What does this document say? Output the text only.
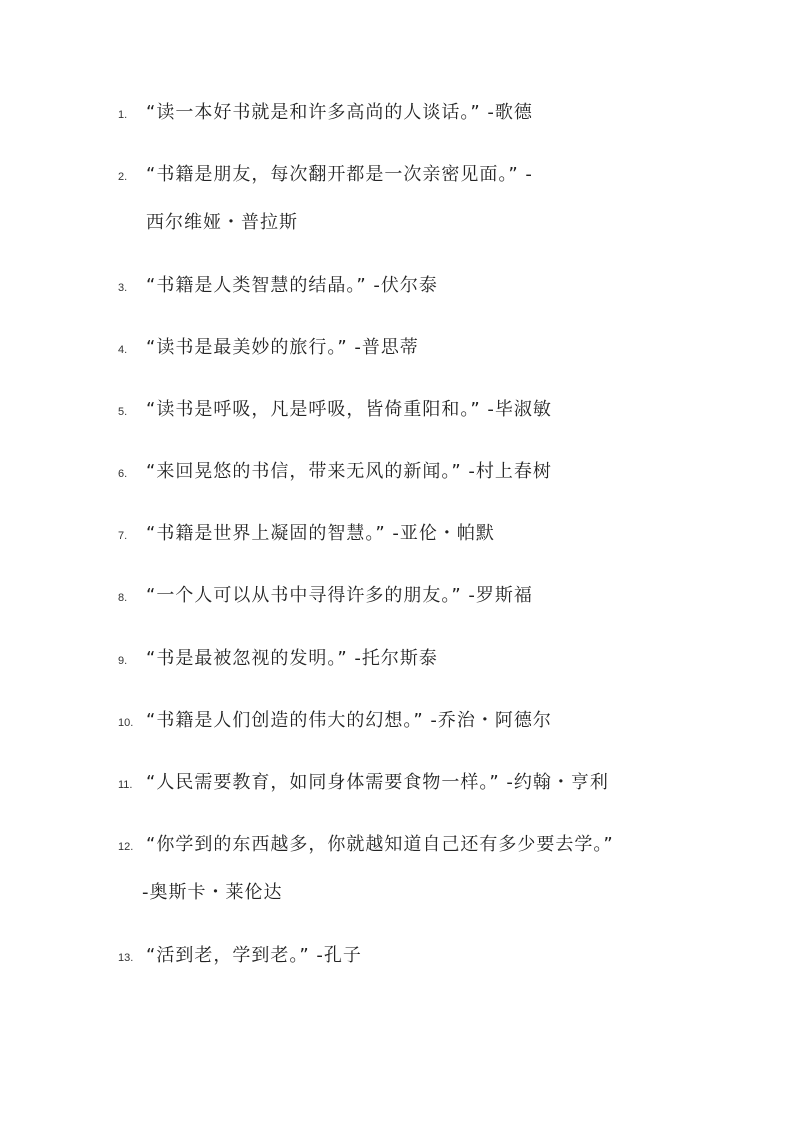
1.	“读一本好书就是和许多高尚的人谈话。” -歌德
2.	“书籍是朋友，每次翻开都是一次亲密见面。” -
西尔维娅・普拉斯
3.	“书籍是人类智慧的结晶。” -伏尔泰
4.	“读书是最美妙的旅行。” -普思蒂
5.	“读书是呼吸，凡是呼吸，皆倚重阳和。” -毕淑敏
6.	“来回晃悠的书信，带来无风的新闻。” -村上春树
7.	“书籍是世界上凝固的智慧。” -亚伦・帕默
8.	“一个人可以从书中寻得许多的朋友。” -罗斯福
9.	“书是最被忽视的发明。” -托尔斯泰
10. “书籍是人们创造的伟大的幻想。” -乔治・阿德尔
11. “人民需要教育，如同身体需要食物一样。” -约翰・亨利
12. “你学到的东西越多，你就越知道自己还有多少要去学。”
-奥斯卡・莱伦达
13. “活到老，学到老。” -孔子
